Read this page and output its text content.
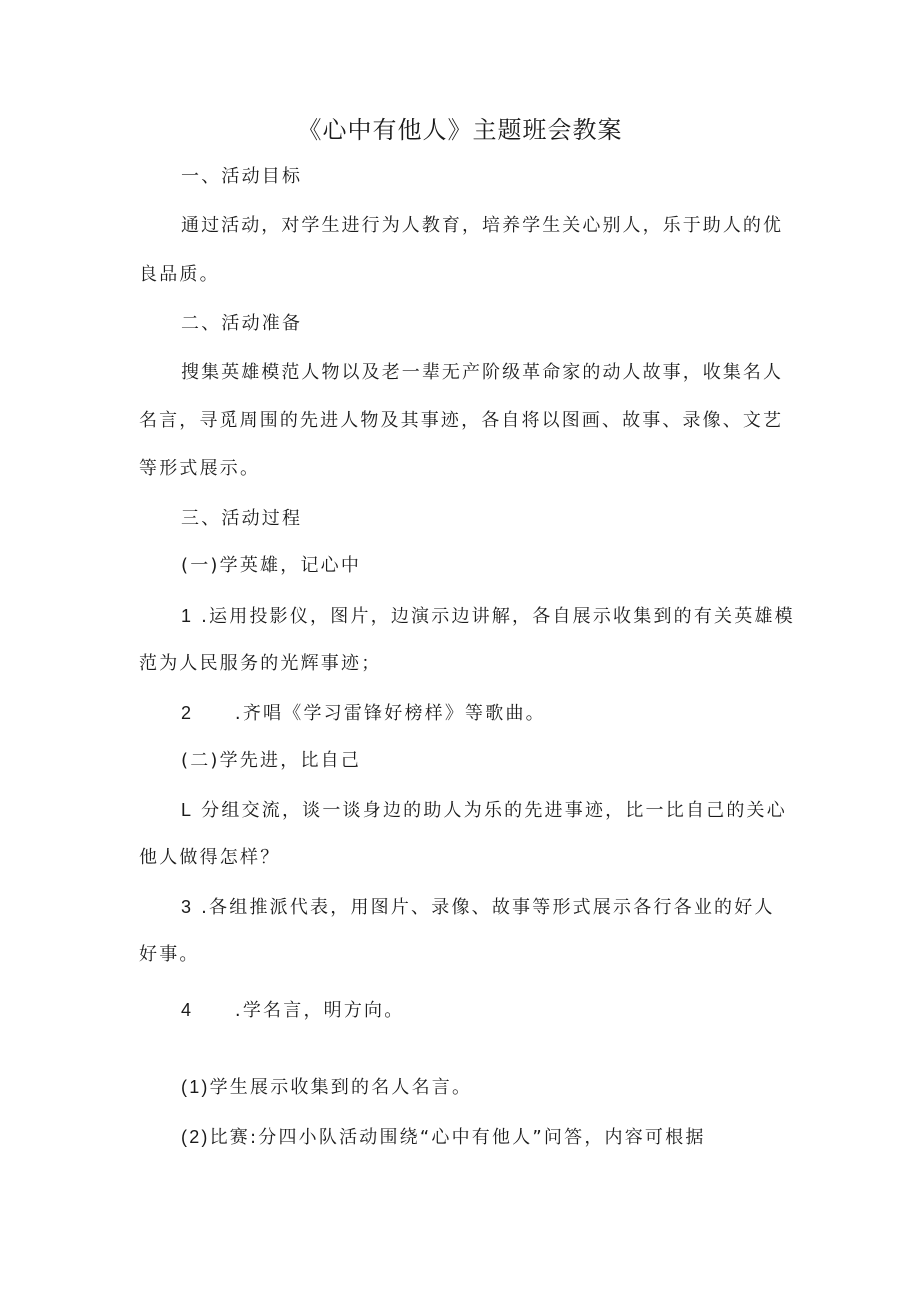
《心中有他人》主题班会教案
一、活动目标
通过活动，对学生进行为人教育，培养学生关心别人，乐于助人的优
良品质。
二、活动准备
搜集英雄模范人物以及老一辈无产阶级革命家的动人故事，收集名人
名言，寻觅周围的先进人物及其事迹，各自将以图画、故事、录像、文艺
等形式展示。
三、活动过程
(一)学英雄，记心中
1 .运用投影仪，图片，边演示边讲解，各自展示收集到的有关英雄模
范为人民服务的光辉事迹；
2 .齐唱《学习雷锋好榜样》等歌曲。
(二)学先进，比自己
L 分组交流，谈一谈身边的助人为乐的先进事迹，比一比自己的关心
他人做得怎样？
3 .各组推派代表，用图片、录像、故事等形式展示各行各业的好人
好事。
4 .学名言，明方向。
(1)学生展示收集到的名人名言。
(2)比赛:分四小队活动围绕“心中有他人”问答，内容可根据
